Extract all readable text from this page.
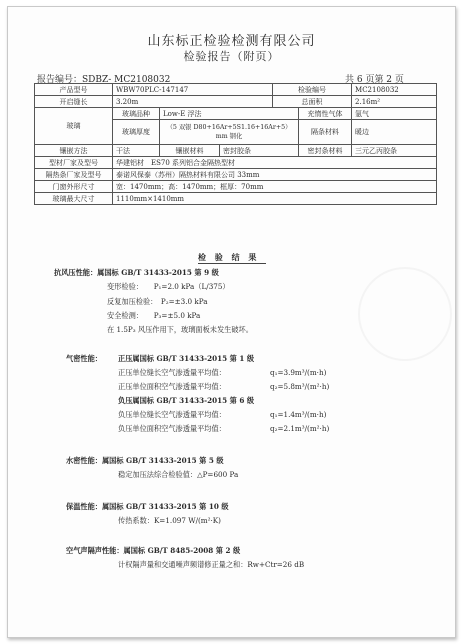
山东标正检验检测有限公司
检验报告（附页）
报告编号：SDBZ- MC2108032	共 6 页第 2 页
产品型号	WBW70PLC-147147			检验编号		MC2108032
开启缝长	3.20m			总面积		2.16m²
玻璃	玻璃品种	Low-E 浮法			充惰性气体	氩气
	玻璃厚度	（5 双银 D80+16Ar+5S1.16+16Ar+5）
mm 钢化			隔条材料	暖边
镶嵌方法	干法	镶嵌材料	密封胶条		密封条材料	三元乙丙胶条
型材厂家及型号	华建铝材　ES70 系列铝合金隔热型材					
隔热条厂家及型号	泰诺风保泰（苏州）隔热材料有限公司 33mm					
门窗外形尺寸	宽：1470mm；高：1470mm；框厚：70mm					
玻璃最大尺寸	1110mm×1410mm					
检 验 结 果
抗风压性能：属国标 GB/T 31433-2015 第 9 级
变形检验：　　P₁=2.0 kPa（L/375）
反复加压检验：　P₂=±3.0 kPa
安全检测：　　P₃=±5.0 kPa
在 1.5P₃ 风压作用下，玻璃面板未发生破坏。
气密性能： 正压属国标 GB/T 31433-2015 第 1 级
正压单位缝长空气渗透量平均值：	q₁=3.9m³/(m·h)
正压单位面积空气渗透量平均值：	q₂=5.8m³/(m²·h)
负压属国标 GB/T 31433-2015 第 6 级
负压单位缝长空气渗透量平均值：	q₁=1.4m³/(m·h)
负压单位面积空气渗透量平均值：	q₂=2.1m³/(m²·h)
水密性能：属国标 GB/T 31433-2015 第 5 级
稳定加压法综合检验值：△P=600 Pa
保温性能：属国标 GB/T 31433-2015 第 10 级
传热系数：K=1.097 W/(m²·K)
空气声隔声性能：属国标 GB/T 8485-2008 第 2 级
计权隔声量和交通噪声频谱修正量之和：Rw+Ctr=26 dB
